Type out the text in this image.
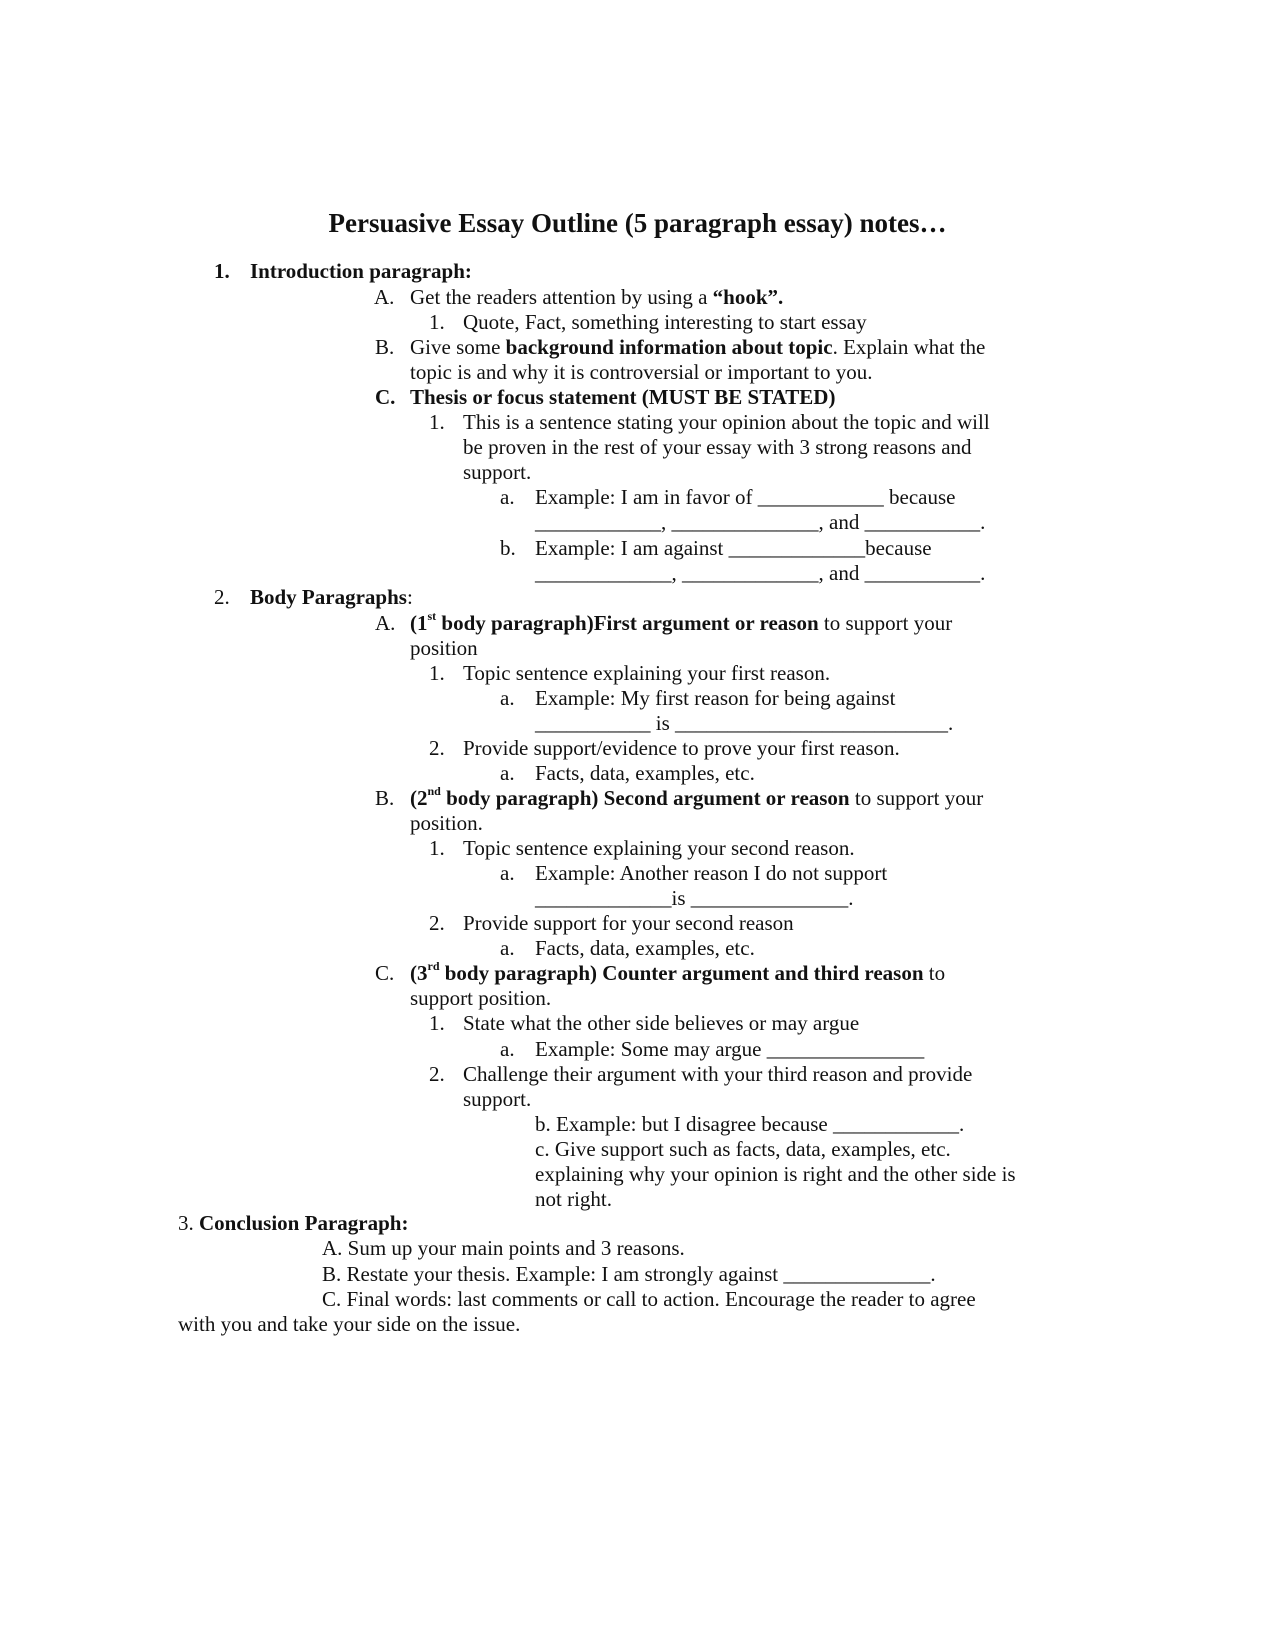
Persuasive Essay Outline (5 paragraph essay) notes…
1. Introduction paragraph:
A. Get the readers attention by using a “hook”.
1. Quote, Fact, something interesting to start essay
B. Give some background information about topic. Explain what the
topic is and why it is controversial or important to you.
C. Thesis or focus statement (MUST BE STATED)
1. This is a sentence stating your opinion about the topic and will
be proven in the rest of your essay with 3 strong reasons and
support.
a. Example: I am in favor of ____________ because
____________, ______________, and ___________.
b. Example: I am against _____________because
_____________, _____________, and ___________.
2. Body Paragraphs:
A. (1st body paragraph)First argument or reason to support your
position
1. Topic sentence explaining your first reason.
a. Example: My first reason for being against
___________ is __________________________.
2. Provide support/evidence to prove your first reason.
a. Facts, data, examples, etc.
B. (2nd body paragraph) Second argument or reason to support your
position.
1. Topic sentence explaining your second reason.
a. Example: Another reason I do not support
_____________is _______________.
2. Provide support for your second reason
a. Facts, data, examples, etc.
C. (3rd body paragraph) Counter argument and third reason to
support position.
1. State what the other side believes or may argue
a. Example: Some may argue _______________
2. Challenge their argument with your third reason and provide
support.
b. Example: but I disagree because ____________.
c. Give support such as facts, data, examples, etc.
explaining why your opinion is right and the other side is
not right.
3. Conclusion Paragraph:
A. Sum up your main points and 3 reasons.
B. Restate your thesis. Example: I am strongly against ______________.
C. Final words: last comments or call to action. Encourage the reader to agree
with you and take your side on the issue.
